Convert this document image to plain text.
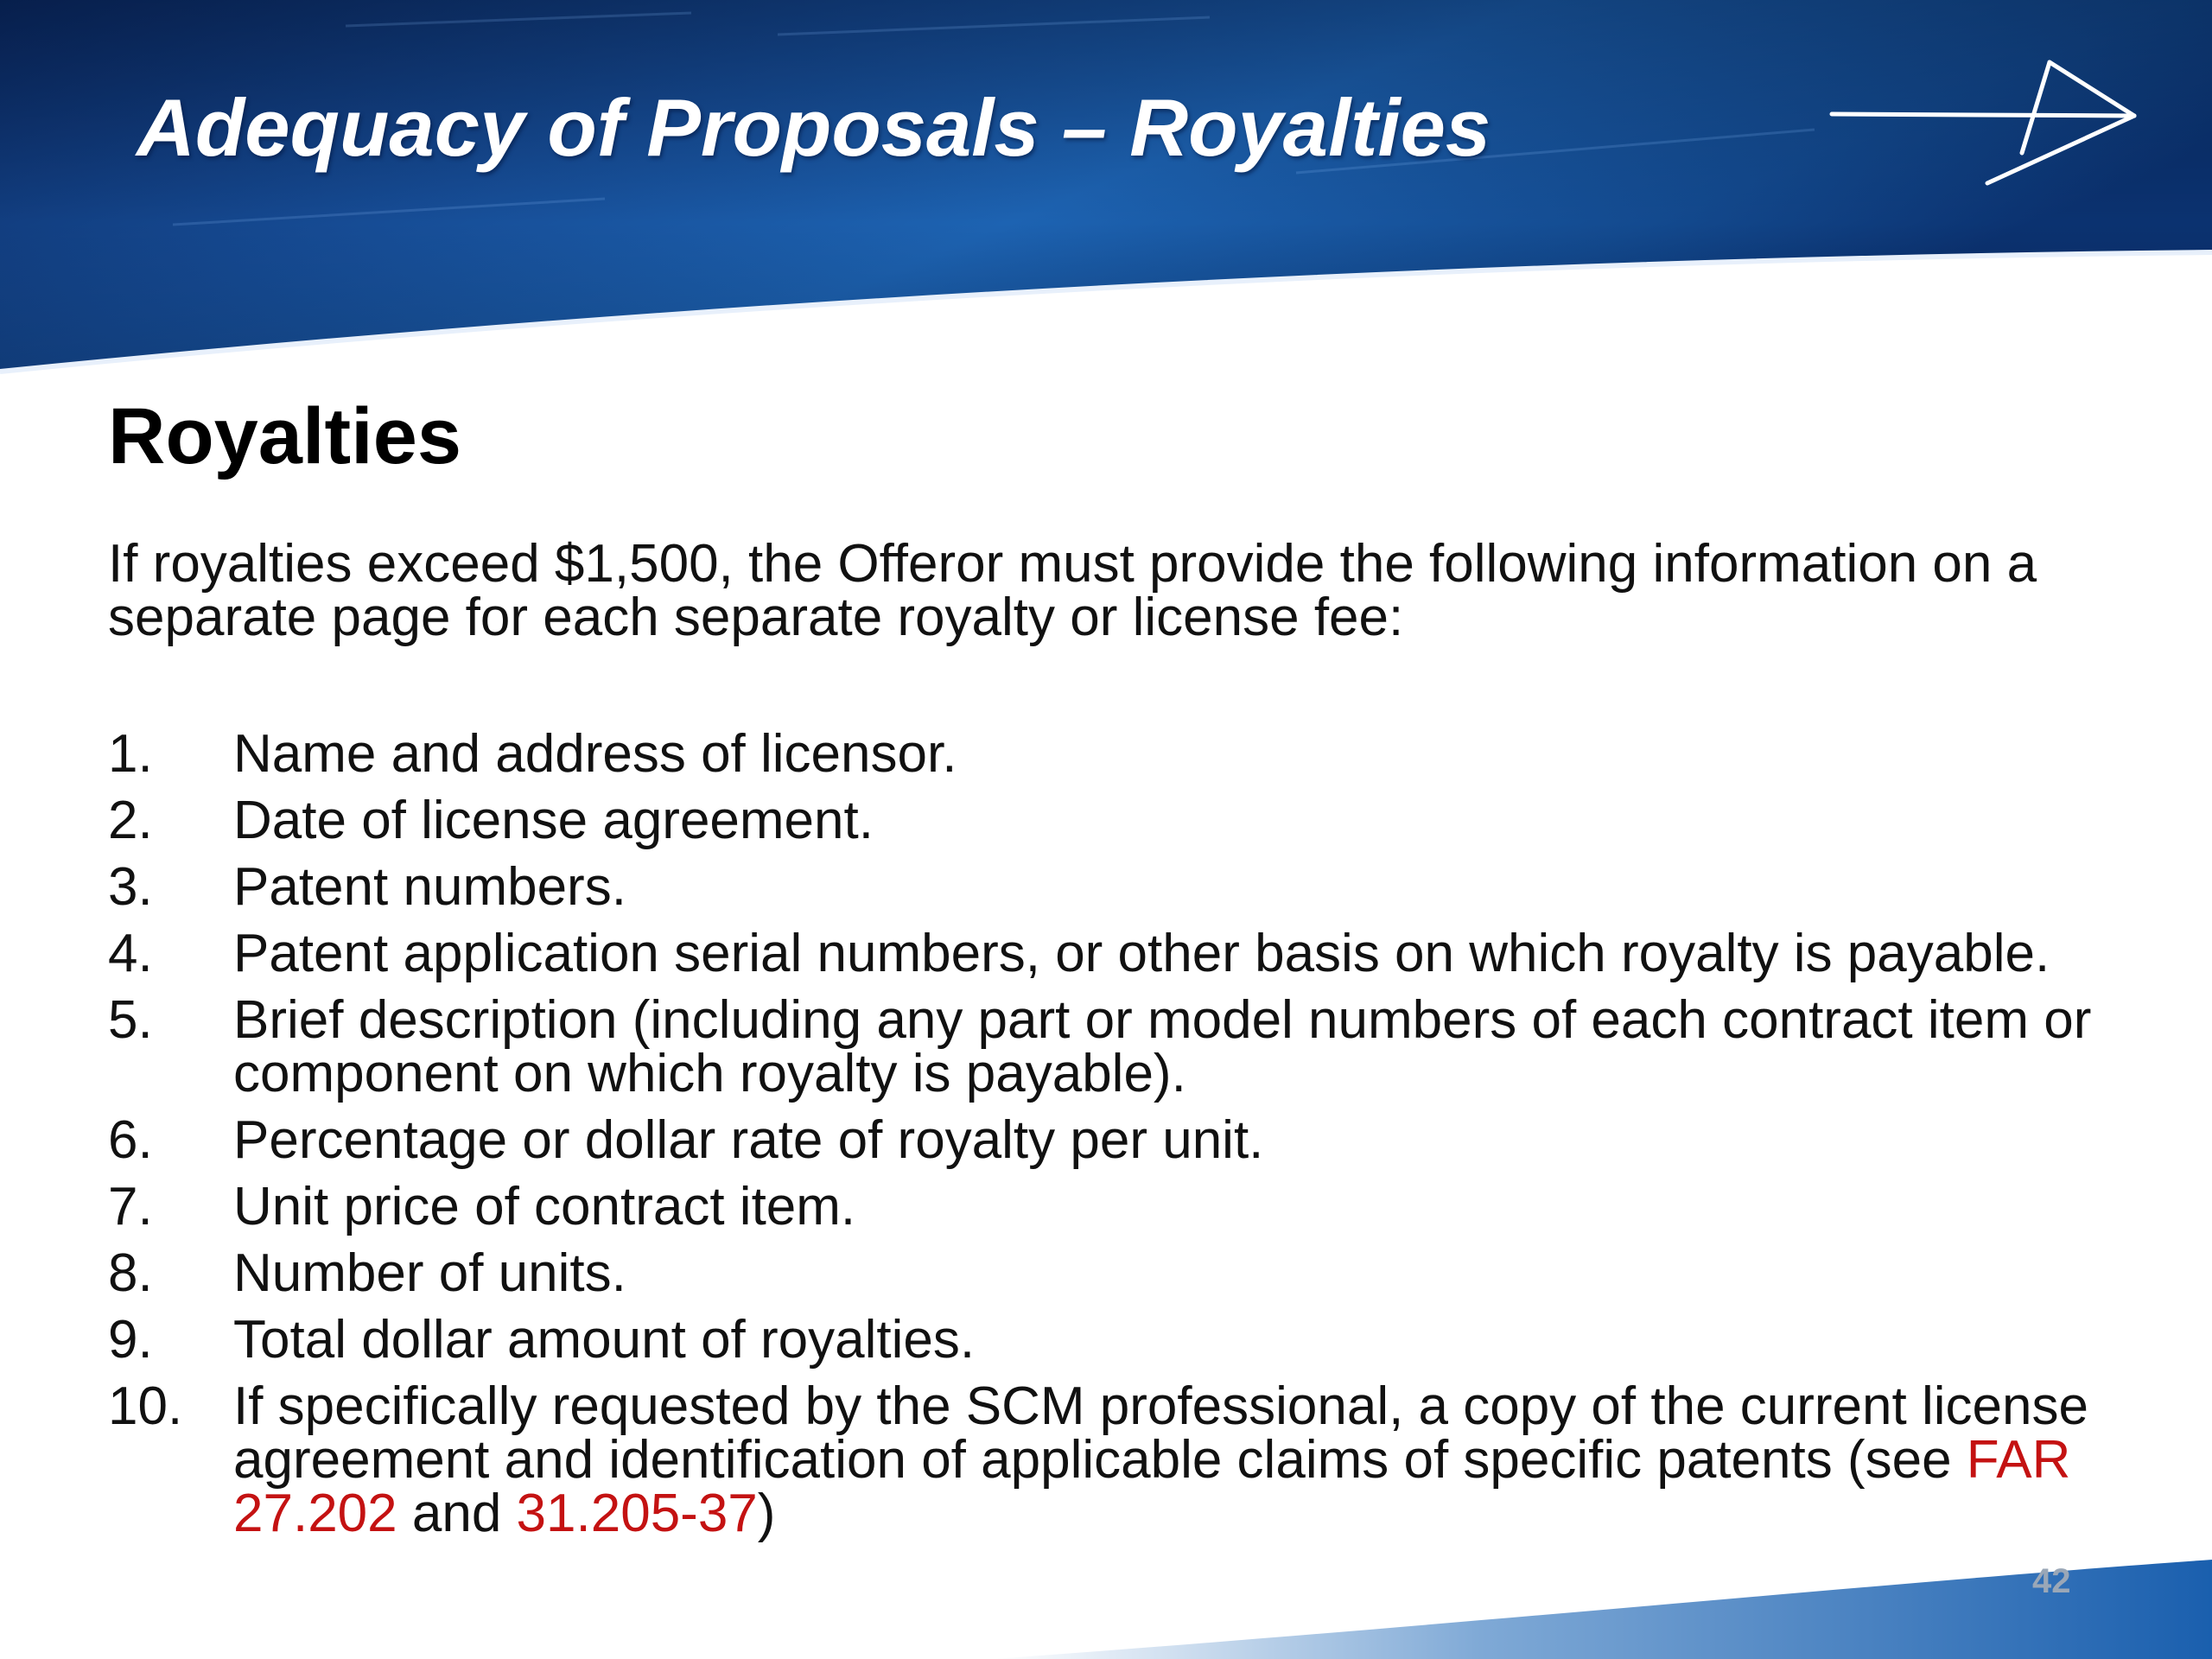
Adequacy of Proposals – Royalties
Royalties

If royalties exceed $1,500, the Offeror must provide the following information on a separate page for each separate royalty or license fee:

1. Name and address of licensor.
2. Date of license agreement.
3. Patent numbers.
4. Patent application serial numbers, or other basis on which royalty is payable.
5. Brief description (including any part or model numbers of each contract item or component on which royalty is payable).
6. Percentage or dollar rate of royalty per unit.
7. Unit price of contract item.
8. Number of units.
9. Total dollar amount of royalties.
10. If specifically requested by the SCM professional, a copy of the current license agreement and identification of applicable claims of specific patents (see FAR 27.202 and 31.205-37)
42
